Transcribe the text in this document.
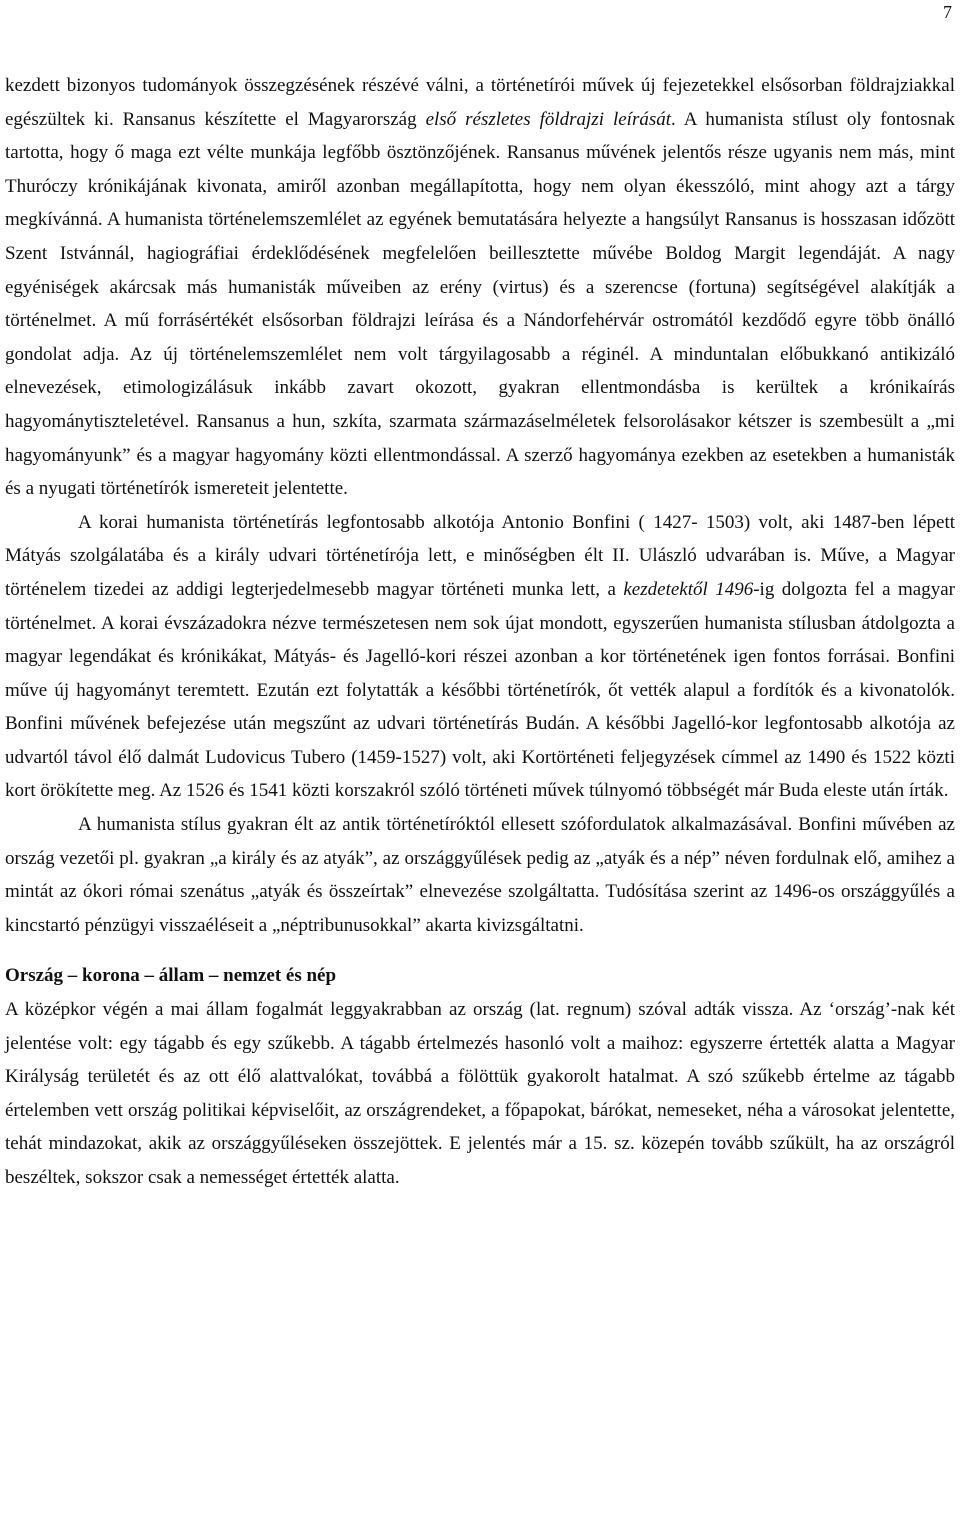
7

kezdett bizonyos tudományok összegzésének részévé válni, a történetírói művek új fejezetekkel elsősorban földrajziakkal egészültek ki. Ransanus készítette el Magyarország első részletes földrajzi leírását. A humanista stílust oly fontosnak tartotta, hogy ő maga ezt vélte munkája legfőbb ösztönzőjének. Ransanus művének jelentős része ugyanis nem más, mint Thuróczy krónikájának kivonata, amiről azonban megállapította, hogy nem olyan ékesszóló, mint ahogy azt a tárgy megkívánná. A humanista történelemszemlélet az egyének bemutatására helyezte a hangsúlyt Ransanus is hosszasan időzött Szent Istvánnál, hagiográfiai érdeklődésének megfelelően beillesztette művébe Boldog Margit legendáját. A nagy egyéniségek akárcsak más humanisták műveiben az erény (virtus) és a szerencse (fortuna) segítségével alakítják a történelmet. A mű forrásértékét elsősorban földrajzi leírása és a Nándorfehérvár ostromától kezdődő egyre több önálló gondolat adja. Az új történelemszemlélet nem volt tárgyilagosabb a réginél. A minduntalan előbukkanó antikizáló elnevezések, etimologizálásuk inkább zavart okozott, gyakran ellentmondásba is kerültek a krónikaírás hagyománytiszteletével. Ransanus a hun, szkíta, szarmata származáselméletek felsorolásakor kétszer is szembesült a „mi hagyományunk” és a magyar hagyomány közti ellentmondással. A szerző hagyománya ezekben az esetekben a humanisták és a nyugati történetírók ismereteit jelentette.

A korai humanista történetírás legfontosabb alkotója Antonio Bonfini ( 1427- 1503) volt, aki 1487-ben lépett Mátyás szolgálatába és a király udvari történetírója lett, e minőségben élt II. Ulászló udvarában is. Műve, a Magyar történelem tizedei az addigi legterjedelmesebb magyar történeti munka lett, a kezdetektől 1496-ig dolgozta fel a magyar történelmet. A korai évszázadokra nézve természetesen nem sok újat mondott, egyszerűen humanista stílusban átdolgozta a magyar legendákat és krónikákat, Mátyás- és Jagelló-kori részei azonban a kor történetének igen fontos forrásai. Bonfini műve új hagyományt teremtett. Ezután ezt folytatták a későbbi történetírók, őt vették alapul a fordítók és a kivonatolók. Bonfini művének befejezése után megszűnt az udvari történetírás Budán. A későbbi Jagelló-kor legfontosabb alkotója az udvartól távol élő dalmát Ludovicus Tubero (1459-1527) volt, aki Kortörténeti feljegyzések címmel az 1490 és 1522 közti kort örökítette meg. Az 1526 és 1541 közti korszakról szóló történeti művek túlnyomó többségét már Buda eleste után írták.

A humanista stílus gyakran élt az antik történetíróktól ellesett szófordulatok alkalmazásával. Bonfini művében az ország vezetői pl. gyakran „a király és az atyák”, az országgyűlések pedig az „atyák és a nép” néven fordulnak elő, amihez a mintát az ókori római szenátus „atyák és összeírtak” elnevezése szolgáltatta. Tudósítása szerint az 1496-os országgyűlés a kincstartó pénzügyi visszaéléseit a „néptribunusokkal” akarta kivizsgáltatni.

Ország – korona – állam – nemzet és nép

A középkor végén a mai állam fogalmát leggyakrabban az ország (lat. regnum) szóval adták vissza. Az ‘ország’-nak két jelentése volt: egy tágabb és egy szűkebb. A tágabb értelmezés hasonló volt a maihoz: egyszerre értették alatta a Magyar Királyság területét és az ott élő alattvalókat, továbbá a fölöttük gyakorolt hatalmat. A szó szűkebb értelme az tágabb értelemben vett ország politikai képviselőit, az országrendeket, a főpapokat, bárókat, nemeseket, néha a városokat jelentette, tehát mindazokat, akik az országgyűléseken összejöttek. E jelentés már a 15. sz. közepén tovább szűkült, ha az országról beszéltek, sokszor csak a nemességet értették alatta.
